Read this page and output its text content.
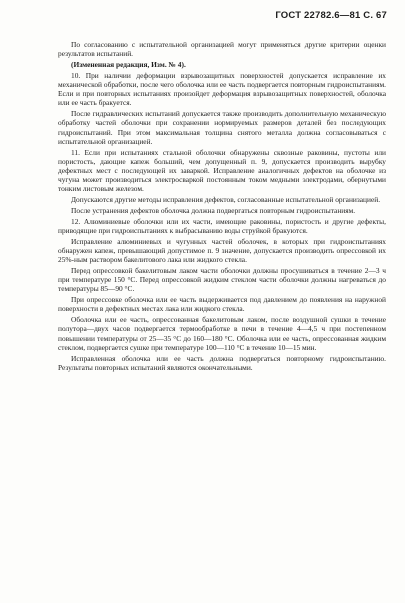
ГОСТ 22782.6—81 С. 67

По согласованию с испытательной организацией могут применяться другие критерии оценки результатов испытаний.

(Измененная редакция, Изм. № 4).

10. При наличии деформации взрывозащитных поверхностей допускается исправление их механической обработки, после чего оболочка или ее часть подвергается повторным гидроиспытаниям. Если и при повторных испытаниях произойдет деформация взрывозащитных поверхностей, оболочка или ее часть бракуется.

После гидравлических испытаний допускается также производить дополнительную механическую обработку частей оболочки при сохранении нормируемых размеров деталей без последующих гидроиспытаний. При этом максимальная толщина снятого металла должна согласовываться с испытательной организацией.

11. Если при испытаниях стальной оболочки обнаружены сквозные раковины, пустоты или пористость, дающие капеж больший, чем допущенный п. 9, допускается производить вырубку дефектных мест с последующей их заваркой. Исправление аналогичных дефектов на оболочке из чугуна может производиться электросваркой постоянным током медными электродами, обернутыми тонким листовым железом.

Допускаются другие методы исправления дефектов, согласованные испытательной организацией.

После устранения дефектов оболочка должна подвергаться повторным гидроиспытаниям.

12. Алюминиевые оболочки или их части, имеющие раковины, пористость и другие дефекты, приводящие при гидроиспытаниях к выбрасыванию воды струйкой бракуются.

Исправление алюминиевых и чугунных частей оболочек, в которых при гидроиспытаниях обнаружен капеж, превышающий допустимое п. 9 значение, допускается производить опрессовкой их 25%-ным раствором бакелитового лака или жидкого стекла.

Перед опрессовкой бакелитовым лаком части оболочки должны просушиваться в течение 2—3 ч при температуре 150 °С. Перед опрессовкой жидким стеклом части оболочки должны нагреваться до температуры 85—90 °С.

При опрессовке оболочка или ее часть выдерживается под давлением до появления на наружной поверхности в дефектных местах лака или жидкого стекла.

Оболочка или ее часть, опрессованная бакелитовым лаком, после воздушной сушки в течение полутора—двух часов подвергается термообработке в печи в течение 4—4,5 ч при постепенном повышении температуры от 25—35 °С до 160—180 °С. Оболочка или ее часть, опрессованная жидким стеклом, подвергается сушке при температуре 100—110 °С в течение 10—15 мин.

Исправленная оболочка или ее часть должна подвергаться повторному гидроиспытанию. Результаты повторных испытаний являются окончательными.
